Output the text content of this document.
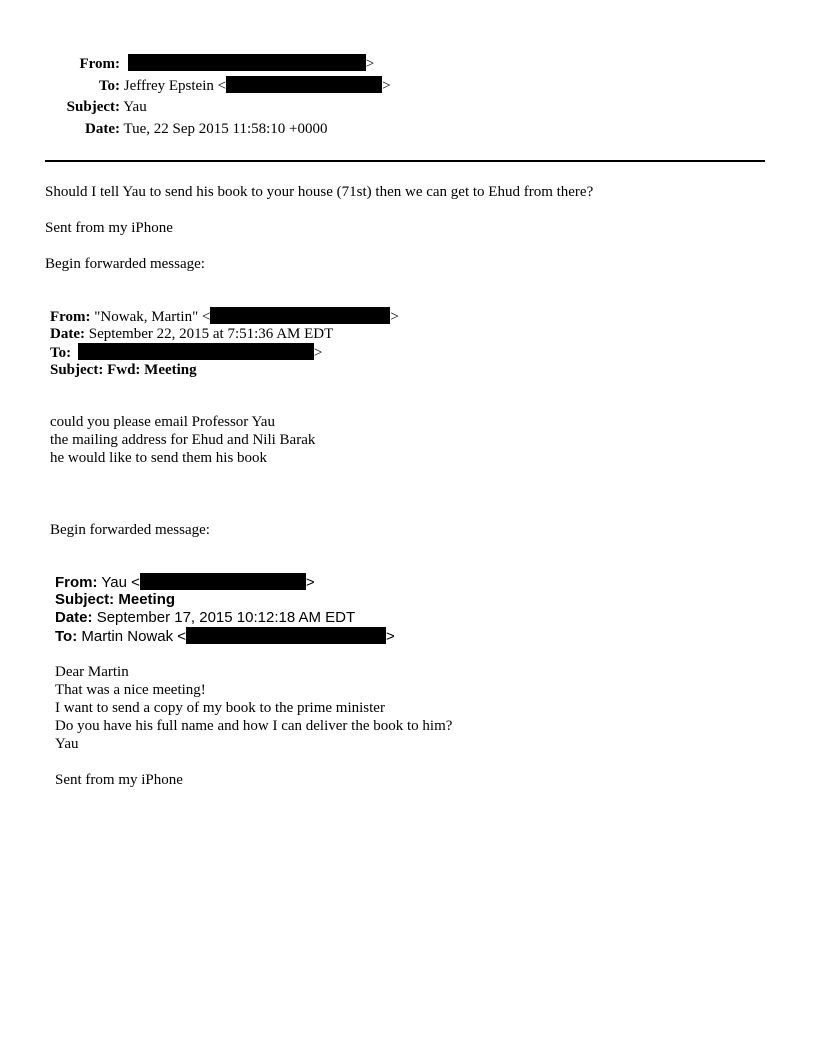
From:	>
To: Jeffrey Epstein <	>
Subject: Yau
Date: Tue, 22 Sep 2015 11:58:10 +0000
Should I tell Yau to send his book to your house (71st) then we can get to Ehud from there?
Sent from my iPhone
Begin forwarded message:
From: "Nowak, Martin" <	>
Date: September 22, 2015 at 7:51:36 AM EDT
To:	>
Subject: Fwd: Meeting
could you please email Professor Yau
the mailing address for Ehud and Nili Barak
he would like to send them his book
Begin forwarded message:
From: Yau <	>
Subject: Meeting
Date: September 17, 2015 10:12:18 AM EDT
To: Martin Nowak <	>
Dear Martin
That was a nice meeting!
I want to send a copy of my book to the prime minister
Do you have his full name and how I can deliver the book to him?
Yau
Sent from my iPhone
